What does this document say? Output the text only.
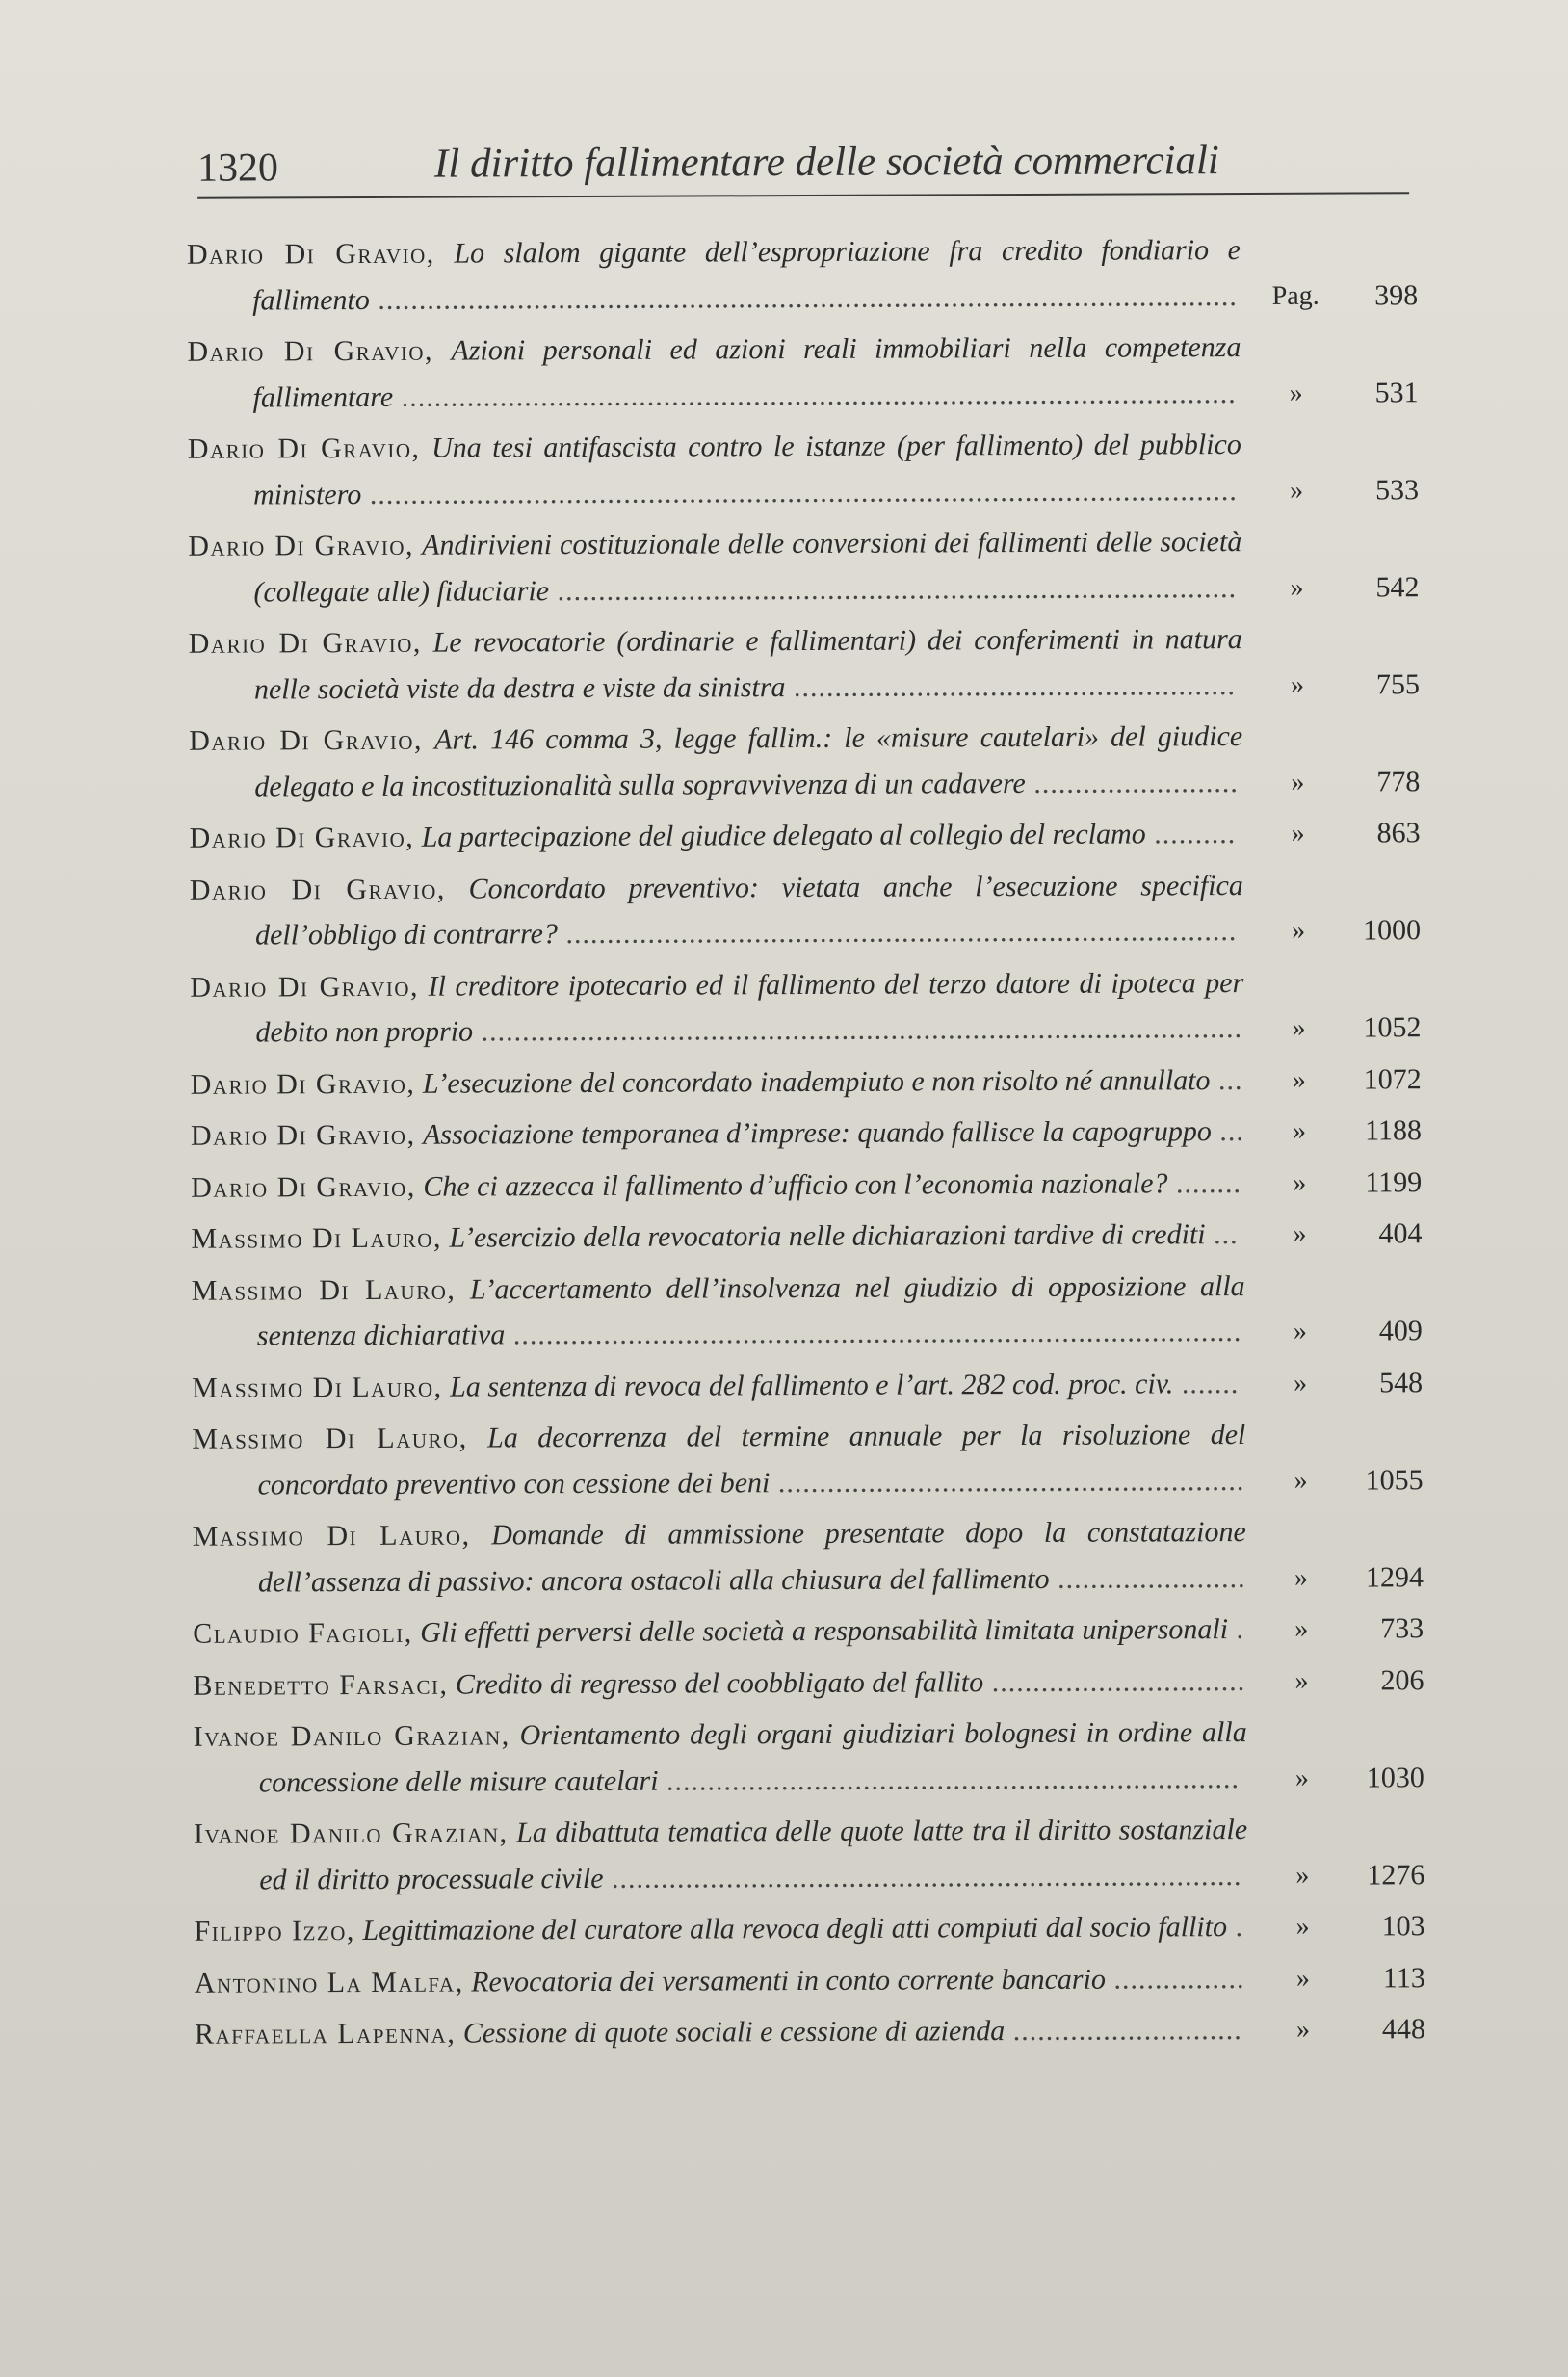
1320	Il diritto fallimentare delle società commerciali
Dario Di Gravio, Lo slalom gigante dell’espropriazione fra credito fondiario e fallimento .........................................................................................................	Pag.	398
Dario Di Gravio, Azioni personali ed azioni reali immobiliari nella competenza fallimentare ......................................................................................................	»	531
Dario Di Gravio, Una tesi antifascista contro le istanze (per fallimento) del pubblico ministero ..........................................................................................................	»	533
Dario Di Gravio, Andirivieni costituzionale delle conversioni dei fallimenti delle società (collegate alle) fiduciarie ...................................................................................	»	542
Dario Di Gravio, Le revocatorie (ordinarie e fallimentari) dei conferimenti in natura nelle società viste da destra e viste da sinistra ......................................................	»	755
Dario Di Gravio, Art. 146 comma 3, legge fallim.: le «misure cautelari» del giudice delegato e la incostituzionalità sulla sopravvivenza di un cadavere .........................	»	778
Dario Di Gravio, La partecipazione del giudice delegato al collegio del reclamo ..........	»	863
Dario Di Gravio, Concordato preventivo: vietata anche l’esecuzione specifica dell’obbligo di contrarre? ..................................................................................	»	1000
Dario Di Gravio, Il creditore ipotecario ed il fallimento del terzo datore di ipoteca per debito non proprio .............................................................................................	»	1052
Dario Di Gravio, L’esecuzione del concordato inadempiuto e non risolto né annullato ...	»	1072
Dario Di Gravio, Associazione temporanea d’imprese: quando fallisce la capogruppo ...	»	1188
Dario Di Gravio, Che ci azzecca il fallimento d’ufficio con l’economia nazionale? ........	»	1199
Massimo Di Lauro, L’esercizio della revocatoria nelle dichiarazioni tardive di crediti ...	»	404
Massimo Di Lauro, L’accertamento dell’insolvenza nel giudizio di opposizione alla sentenza dichiarativa .........................................................................................	»	409
Massimo Di Lauro, La sentenza di revoca del fallimento e l’art. 282 cod. proc. civ. .......	»	548
Massimo Di Lauro, La decorrenza del termine annuale per la risoluzione del concordato preventivo con cessione dei beni .........................................................	»	1055
Massimo Di Lauro, Domande di ammissione presentate dopo la constatazione dell’assenza di passivo: ancora ostacoli alla chiusura del fallimento .......................	»	1294
Claudio Fagioli, Gli effetti perversi delle società a responsabilità limitata unipersonali .	»	733
Benedetto Farsaci, Credito di regresso del coobbligato del fallito ...............................	»	206
Ivanoe Danilo Grazian, Orientamento degli organi giudiziari bolognesi in ordine alla concessione delle misure cautelari ......................................................................	»	1030
Ivanoe Danilo Grazian, La dibattuta tematica delle quote latte tra il diritto sostanziale ed il diritto processuale civile .............................................................................	»	1276
Filippo Izzo, Legittimazione del curatore alla revoca degli atti compiuti dal socio fallito .	»	103
Antonino La Malfa, Revocatoria dei versamenti in conto corrente bancario ................	»	113
Raffaella Lapenna, Cessione di quote sociali e cessione di azienda ............................	»	448
